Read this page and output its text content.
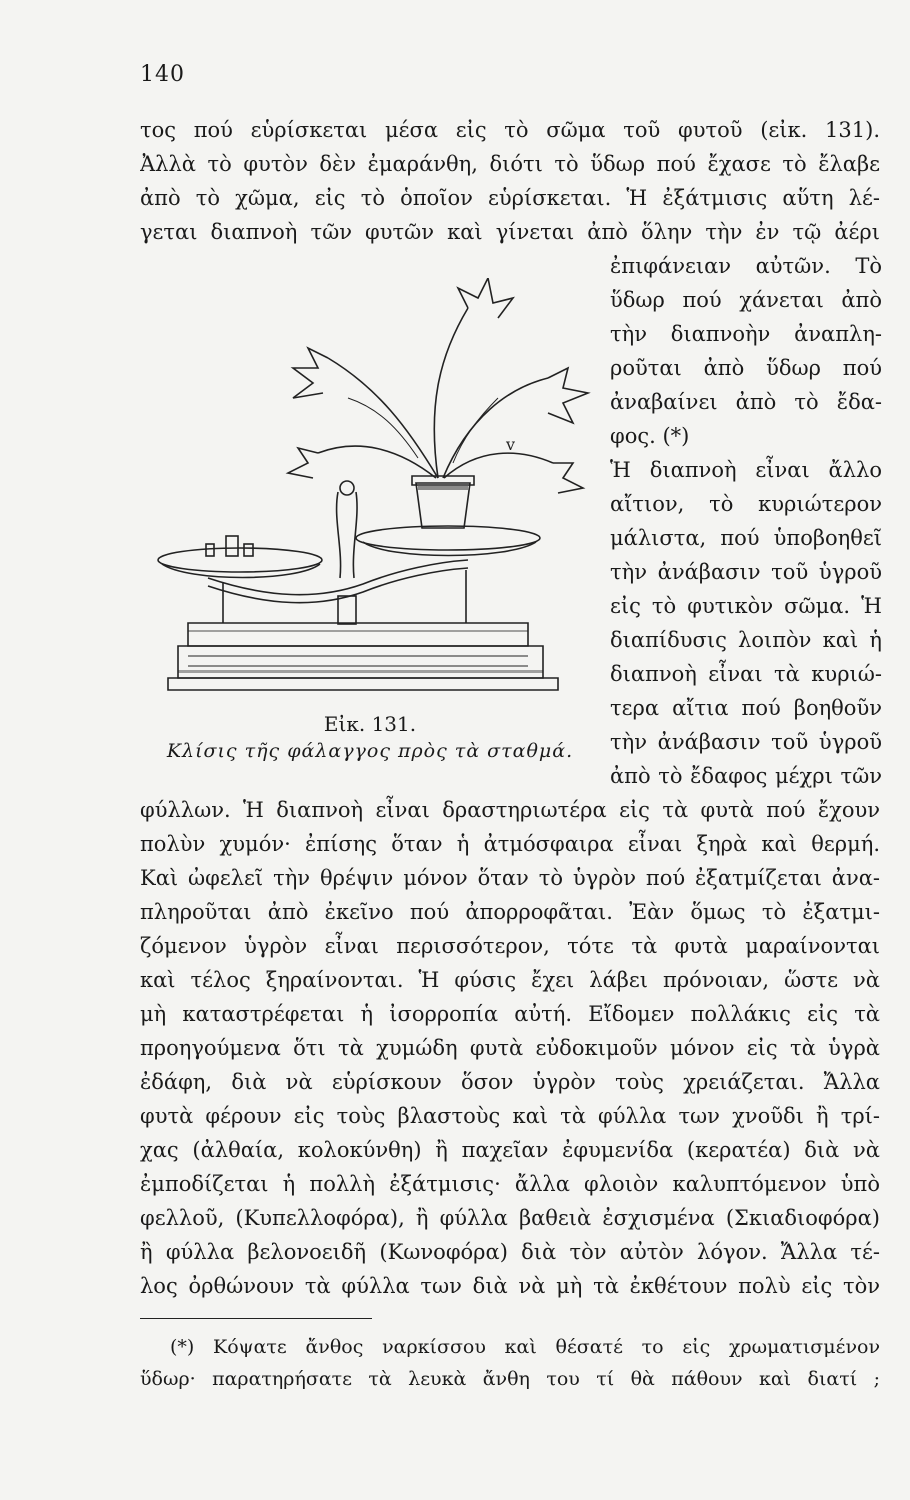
140
τος πού εὑρίσκεται μέσα εἰς τὸ σῶμα τοῦ φυτοῦ (εἰκ. 131).
Ἀλλὰ τὸ φυτὸν δὲν ἐμαράνθη, διότι τὸ ὕδωρ πού ἔχασε τὸ ἔλαβε
ἀπὸ τὸ χῶμα, εἰς τὸ ὁποῖον εὑρίσκεται. Ἡ ἐξάτμισις αὕτη λέ-
γεται διαπνοὴ τῶν φυτῶν καὶ γίνεται ἀπὸ ὅλην τὴν ἐν τῷ ἀέρι
ἐπιφάνειαν αὐτῶν. Τὸ
ὕδωρ πού χάνεται ἀπὸ
τὴν διαπνοὴν ἀναπλη-
ροῦται ἀπὸ ὕδωρ πού
ἀναβαίνει ἀπὸ τὸ ἔδα-
φος. (*)
Ἡ διαπνοὴ εἶναι ἄλλο
αἴτιον, τὸ κυριώτερον
μάλιστα, πού ὑποβοηθεῖ
τὴν ἀνάβασιν τοῦ ὑγροῦ
εἰς τὸ φυτικὸν σῶμα. Ἡ
διαπίδυσις λοιπὸν καὶ ἡ
διαπνοὴ εἶναι τὰ κυριώ-
τερα αἴτια πού βοηθοῦν
τὴν ἀνάβασιν τοῦ ὑγροῦ
ἀπὸ τὸ ἔδαφος μέχρι τῶν
φύλλων. Ἡ διαπνοὴ εἶναι δραστηριωτέρα εἰς τὰ φυτὰ πού ἔχουν
πολὺν χυμόν· ἐπίσης ὅταν ἡ ἀτμόσφαιρα εἶναι ξηρὰ καὶ θερμή.
Καὶ ὠφελεῖ τὴν θρέψιν μόνον ὅταν τὸ ὑγρὸν πού ἐξατμίζεται ἀνα-
πληροῦται ἀπὸ ἐκεῖνο πού ἀπορροφᾶται. Ἐὰν ὅμως τὸ ἐξατμι-
ζόμενον ὑγρὸν εἶναι περισσότερον, τότε τὰ φυτὰ μαραίνονται
καὶ τέλος ξηραίνονται. Ἡ φύσις ἔχει λάβει πρόνοιαν, ὥστε νὰ
μὴ καταστρέφεται ἡ ἰσορροπία αὐτή. Εἴδομεν πολλάκις εἰς τὰ
προηγούμενα ὅτι τὰ χυμώδη φυτὰ εὐδοκιμοῦν μόνον εἰς τὰ ὑγρὰ
ἐδάφη, διὰ νὰ εὑρίσκουν ὅσον ὑγρὸν τοὺς χρειάζεται. Ἄλλα
φυτὰ φέρουν εἰς τοὺς βλαστοὺς καὶ τὰ φύλλα των χνοῦδι ἢ τρί-
χας (ἀλθαία, κολοκύνθη) ἢ παχεῖαν ἐφυμενίδα (κερατέα) διὰ νὰ
ἐμποδίζεται ἡ πολλὴ ἐξάτμισις· ἄλλα φλοιὸν καλυπτόμενον ὑπὸ
φελλοῦ, (Κυπελλοφόρα), ἢ φύλλα βαθειὰ ἐσχισμένα (Σκιαδιοφόρα)
ἢ φύλλα βελονοειδῆ (Κωνοφόρα) διὰ τὸν αὐτὸν λόγον. Ἄλλα τέ-
λος ὀρθώνουν τὰ φύλλα των διὰ νὰ μὴ τὰ ἐκθέτουν πολὺ εἰς τὸν
v
Εἰκ. 131.
Κλίσις τῆς φάλαγγος πρὸς τὰ σταθμά.
(*) Κόψατε ἄνθος ναρκίσσου καὶ θέσατέ το εἰς χρωματισμένον
ὕδωρ· παρατηρήσατε τὰ λευκὰ ἄνθη του τί θὰ πάθουν καὶ διατί ;
